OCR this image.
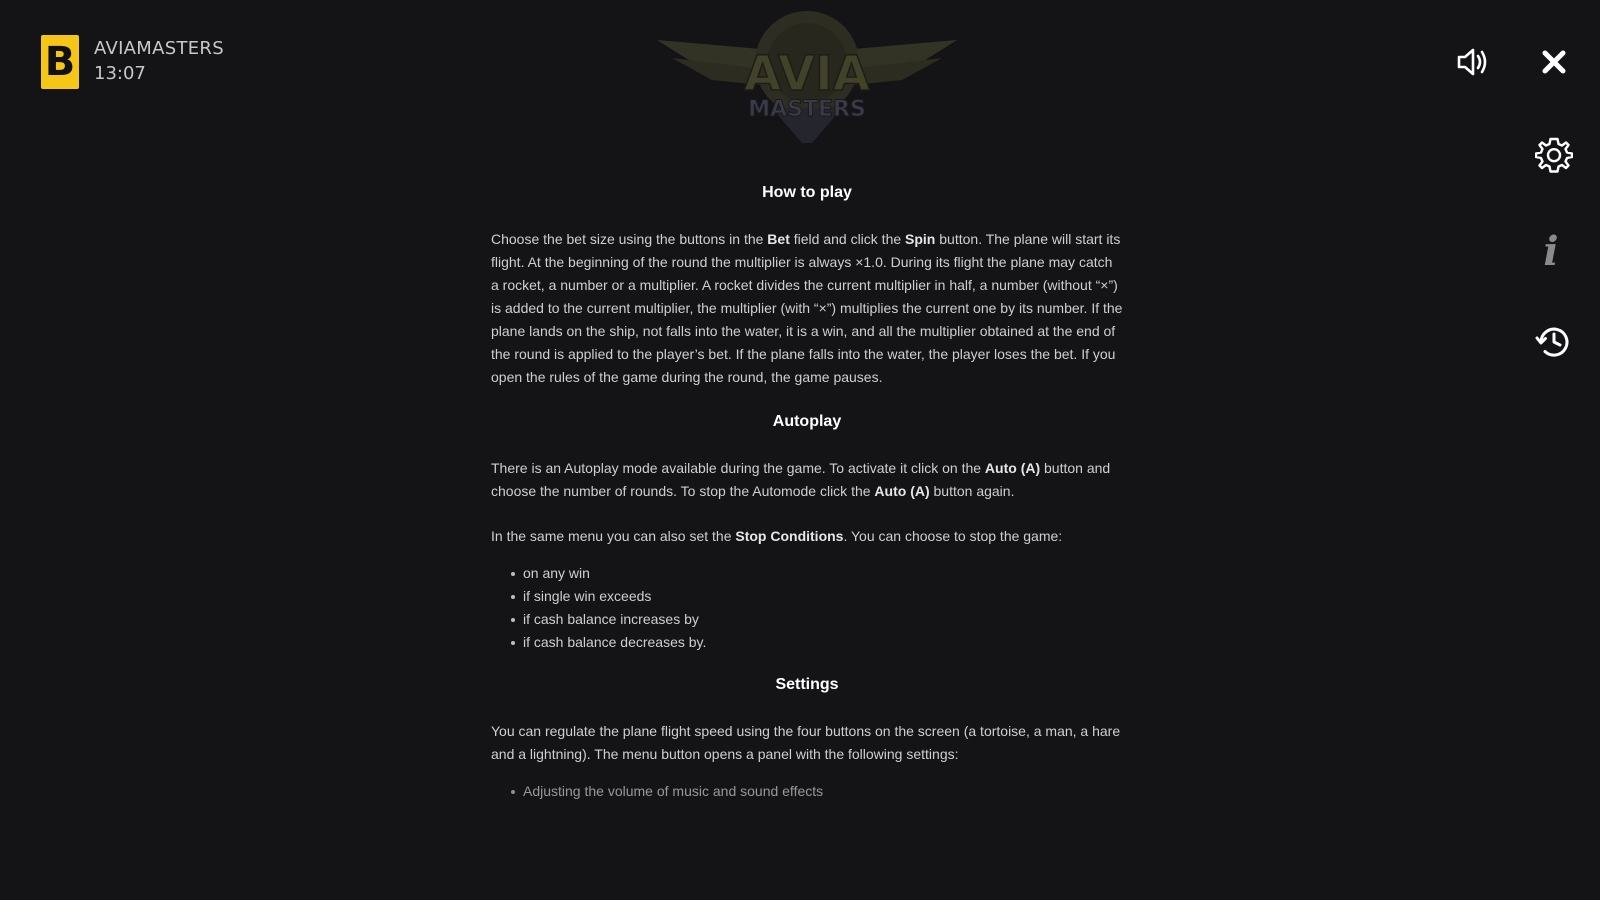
B AVIAMASTERS
13:07	AVIA
MASTERS
i
How to play

Choose the bet size using the buttons in the Bet field and click the Spin button. The plane will start its flight. At the beginning of the round the multiplier is always ×1.0. During its flight the plane may catch a rocket, a number or a multiplier. A rocket divides the current multiplier in half, a number (without “×”) is added to the current multiplier, the multiplier (with “×”) multiplies the current one by its number. If the plane lands on the ship, not falls into the water, it is a win, and all the multiplier obtained at the end of the round is applied to the player’s bet. If the plane falls into the water, the player loses the bet. If you open the rules of the game during the round, the game pauses.

Autoplay

There is an Autoplay mode available during the game. To activate it click on the Auto (A) button and choose the number of rounds. To stop the Automode click the Auto (A) button again.

In the same menu you can also set the Stop Conditions. You can choose to stop the game:

on any win
if single win exceeds
if cash balance increases by
if cash balance decreases by.
Settings

You can regulate the plane flight speed using the four buttons on the screen (a tortoise, a man, a hare and a lightning). The menu button opens a panel with the following settings:

Adjusting the volume of music and sound effects
